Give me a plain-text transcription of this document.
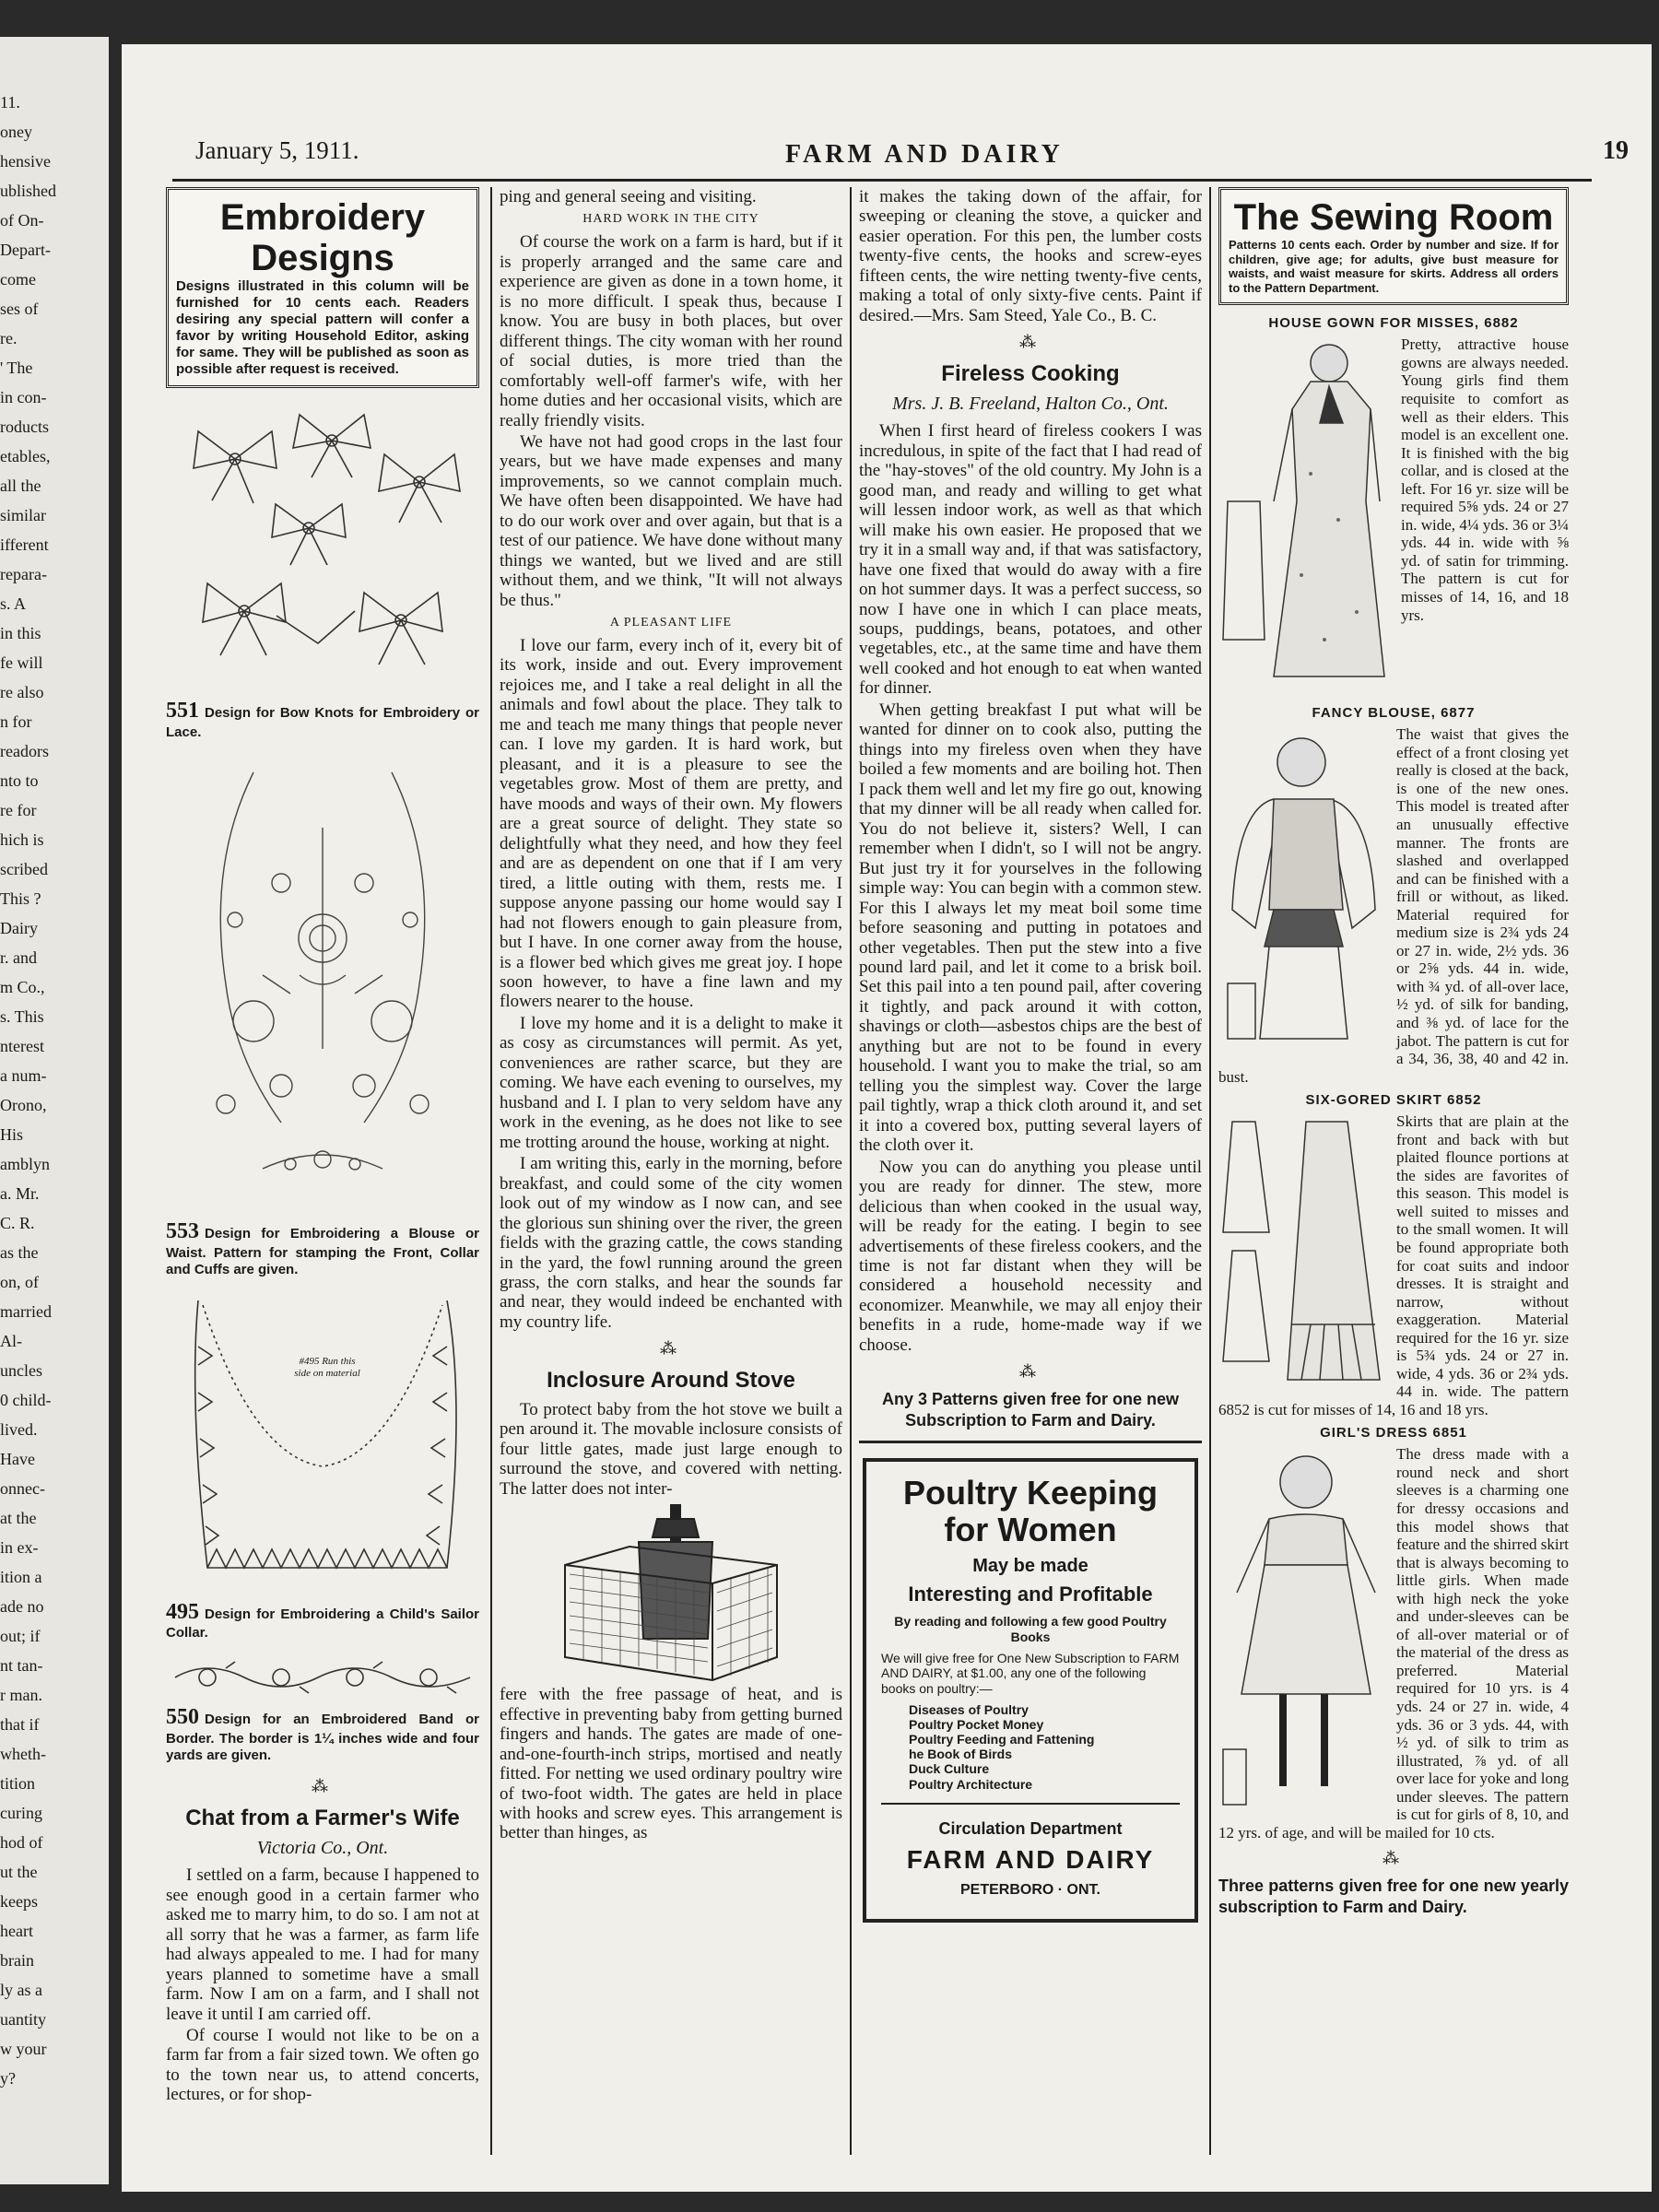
11.
oney
hensive
ublished
of On-
Depart-
come
ses of
re.
' The
in con-
roducts
etables,
all the
similar
ifferent
repara-
s. A
in this
fe will
re also
n for
readors
nto to
re for
hich is
scribed
This ?
Dairy
r. and
m Co.,
s. This
nterest
a num-
Orono,
His
amblyn
a. Mr.
C. R.
as the
on, of
married
Al-
uncles
0 child-
lived.
Have
onnec-
at the
in ex-
ition a
ade no
out; if
nt tan-
r man.
that if
wheth-
tition
curing
hod of
ut the
keeps
heart
brain
ly as a
uantity
w your
y?
January 5, 1911.	FARM AND DAIRY	19
Embroidery Designs
Designs illustrated in this column will be furnished for 10 cents each. Readers desiring any special pattern will confer a favor by writing Household Editor, asking for same. They will be published as soon as possible after request is received.
551 Design for Bow Knots for Embroidery or Lace.
553 Design for Embroidering a Blouse or Waist. Pattern for stamping the Front, Collar and Cuffs are given.
#495 Run this side on material
495 Design for Embroidering a Child's Sailor Collar.
550 Design for an Embroidered Band or Border. The border is 1¼ inches wide and four yards are given.
⁂
Chat from a Farmer's Wife
Victoria Co., Ont.

I settled on a farm, because I happened to see enough good in a certain farmer who asked me to marry him, to do so. I am not at all sorry that he was a farmer, as farm life had always appealed to me. I had for many years planned to sometime have a small farm. Now I am on a farm, and I shall not leave it until I am carried off.

Of course I would not like to be on a farm far from a fair sized town. We often go to the town near us, to attend concerts, lectures, or for shop-

ping and general seeing and visiting.

HARD WORK IN THE CITY

Of course the work on a farm is hard, but if it is properly arranged and the same care and experience are given as done in a town home, it is no more difficult. I speak thus, because I know. You are busy in both places, but over different things. The city woman with her round of social duties, is more tried than the comfortably well-off farmer's wife, with her home duties and her occasional visits, which are really friendly visits.

We have not had good crops in the last four years, but we have made expenses and many improvements, so we cannot complain much. We have often been disappointed. We have had to do our work over and over again, but that is a test of our patience. We have done without many things we wanted, but we lived and are still without them, and we think, "It will not always be thus."

A PLEASANT LIFE

I love our farm, every inch of it, every bit of its work, inside and out. Every improvement rejoices me, and I take a real delight in all the animals and fowl about the place. They talk to me and teach me many things that people never can. I love my garden. It is hard work, but pleasant, and it is a pleasure to see the vegetables grow. Most of them are pretty, and have moods and ways of their own. My flowers are a great source of delight. They state so delightfully what they need, and how they feel and are as dependent on one that if I am very tired, a little outing with them, rests me. I suppose anyone passing our home would say I had not flowers enough to gain pleasure from, but I have. In one corner away from the house, is a flower bed which gives me great joy. I hope soon however, to have a fine lawn and my flowers nearer to the house.

I love my home and it is a delight to make it as cosy as circumstances will permit. As yet, conveniences are rather scarce, but they are coming. We have each evening to ourselves, my husband and I. I plan to very seldom have any work in the evening, as he does not like to see me trotting around the house, working at night.

I am writing this, early in the morning, before breakfast, and could some of the city women look out of my window as I now can, and see the glorious sun shining over the river, the green fields with the grazing cattle, the cows standing in the yard, the fowl running around the green grass, the corn stalks, and hear the sounds far and near, they would indeed be enchanted with my country life.

⁂
Inclosure Around Stove

To protect baby from the hot stove we built a pen around it. The movable inclosure consists of four little gates, made just large enough to surround the stove, and covered with netting. The latter does not inter-

fere with the free passage of heat, and is effective in preventing baby from getting burned fingers and hands. The gates are made of one-and-one-fourth-inch strips, mortised and neatly fitted. For netting we used ordinary poultry wire of two-foot width. The gates are held in place with hooks and screw eyes. This arrangement is better than hinges, as

it makes the taking down of the affair, for sweeping or cleaning the stove, a quicker and easier operation. For this pen, the lumber costs twenty-five cents, the hooks and screw-eyes fifteen cents, the wire netting twenty-five cents, making a total of only sixty-five cents. Paint if desired.—Mrs. Sam Steed, Yale Co., B. C.

⁂
Fireless Cooking
Mrs. J. B. Freeland, Halton Co., Ont.

When I first heard of fireless cookers I was incredulous, in spite of the fact that I had read of the "hay-stoves" of the old country. My John is a good man, and ready and willing to get what will lessen indoor work, as well as that which will make his own easier. He proposed that we try it in a small way and, if that was satisfactory, have one fixed that would do away with a fire on hot summer days. It was a perfect success, so now I have one in which I can place meats, soups, puddings, beans, potatoes, and other vegetables, etc., at the same time and have them well cooked and hot enough to eat when wanted for dinner.

When getting breakfast I put what will be wanted for dinner on to cook also, putting the things into my fireless oven when they have boiled a few moments and are boiling hot. Then I pack them well and let my fire go out, knowing that my dinner will be all ready when called for. You do not believe it, sisters? Well, I can remember when I didn't, so I will not be angry. But just try it for yourselves in the following simple way: You can begin with a common stew. For this I always let my meat boil some time before seasoning and putting in potatoes and other vegetables. Then put the stew into a five pound lard pail, and let it come to a brisk boil. Set this pail into a ten pound pail, after covering it tightly, and pack around it with cotton, shavings or cloth—asbestos chips are the best of anything but are not to be found in every household. I want you to make the trial, so am telling you the simplest way. Cover the large pail tightly, wrap a thick cloth around it, and set it into a covered box, putting several layers of the cloth over it.

Now you can do anything you please until you are ready for dinner. The stew, more delicious than when cooked in the usual way, will be ready for the eating. I begin to see advertisements of these fireless cookers, and the time is not far distant when they will be considered a household necessity and economizer. Meanwhile, we may all enjoy their benefits in a rude, home-made way if we choose.

⁂
Any 3 Patterns given free for one new Subscription to Farm and Dairy.
Poultry Keeping for Women
May be made
Interesting and Profitable
By reading and following a few good Poultry Books
We will give free for One New Subscription to FARM AND DAIRY, at $1.00, any one of the following books on poultry:—
Diseases of Poultry
Poultry Pocket Money
Poultry Feeding and Fattening
he Book of Birds
Duck Culture
Poultry Architecture
Circulation Department
FARM AND DAIRY
PETERBORO · ONT.
The Sewing Room
Patterns 10 cents each. Order by number and size. If for children, give age; for adults, give bust measure for waists, and waist measure for skirts. Address all orders to the Pattern Department.
HOUSE GOWN FOR MISSES, 6882
Pretty, attractive house gowns are always needed. Young girls find them requisite to comfort as well as their elders. This model is an excellent one. It is finished with the big collar, and is closed at the left. For 16 yr. size will be required 5⅝ yds. 24 or 27 in. wide, 4¼ yds. 36 or 3¼ yds. 44 in. wide with ⅝ yd. of satin for trimming. The pattern is cut for misses of 14, 16, and 18 yrs.
FANCY BLOUSE, 6877
The waist that gives the effect of a front closing yet really is closed at the back, is one of the new ones. This model is treated after an unusually effective manner. The fronts are slashed and overlapped and can be finished with a frill or without, as liked. Material required for medium size is 2¾ yds 24 or 27 in. wide, 2½ yds. 36 or 2⅝ yds. 44 in. wide, with ¾ yd. of all-over lace, ½ yd. of silk for banding, and ⅜ yd. of lace for the jabot. The pattern is cut for a 34, 36, 38, 40 and 42 in. bust.
SIX-GORED SKIRT 6852
Skirts that are plain at the front and back with but plaited flounce portions at the sides are favorites of this season. This model is well suited to misses and to the small women. It will be found appropriate both for coat suits and indoor dresses. It is straight and narrow, without exaggeration. Material required for the 16 yr. size is 5¾ yds. 24 or 27 in. wide, 4 yds. 36 or 2¾ yds. 44 in. wide. The pattern 6852 is cut for misses of 14, 16 and 18 yrs.
GIRL'S DRESS 6851
The dress made with a round neck and short sleeves is a charming one for dressy occasions and this model shows that feature and the shirred skirt that is always becoming to little girls. When made with high neck the yoke and under-sleeves can be of all-over material or of the material of the dress as preferred. Material required for 10 yrs. is 4 yds. 24 or 27 in. wide, 4 yds. 36 or 3 yds. 44, with ½ yd. of silk to trim as illustrated, ⅞ yd. of all over lace for yoke and long under sleeves. The pattern is cut for girls of 8, 10, and 12 yrs. of age, and will be mailed for 10 cts.
⁂
Three patterns given free for one new yearly subscription to Farm and Dairy.
